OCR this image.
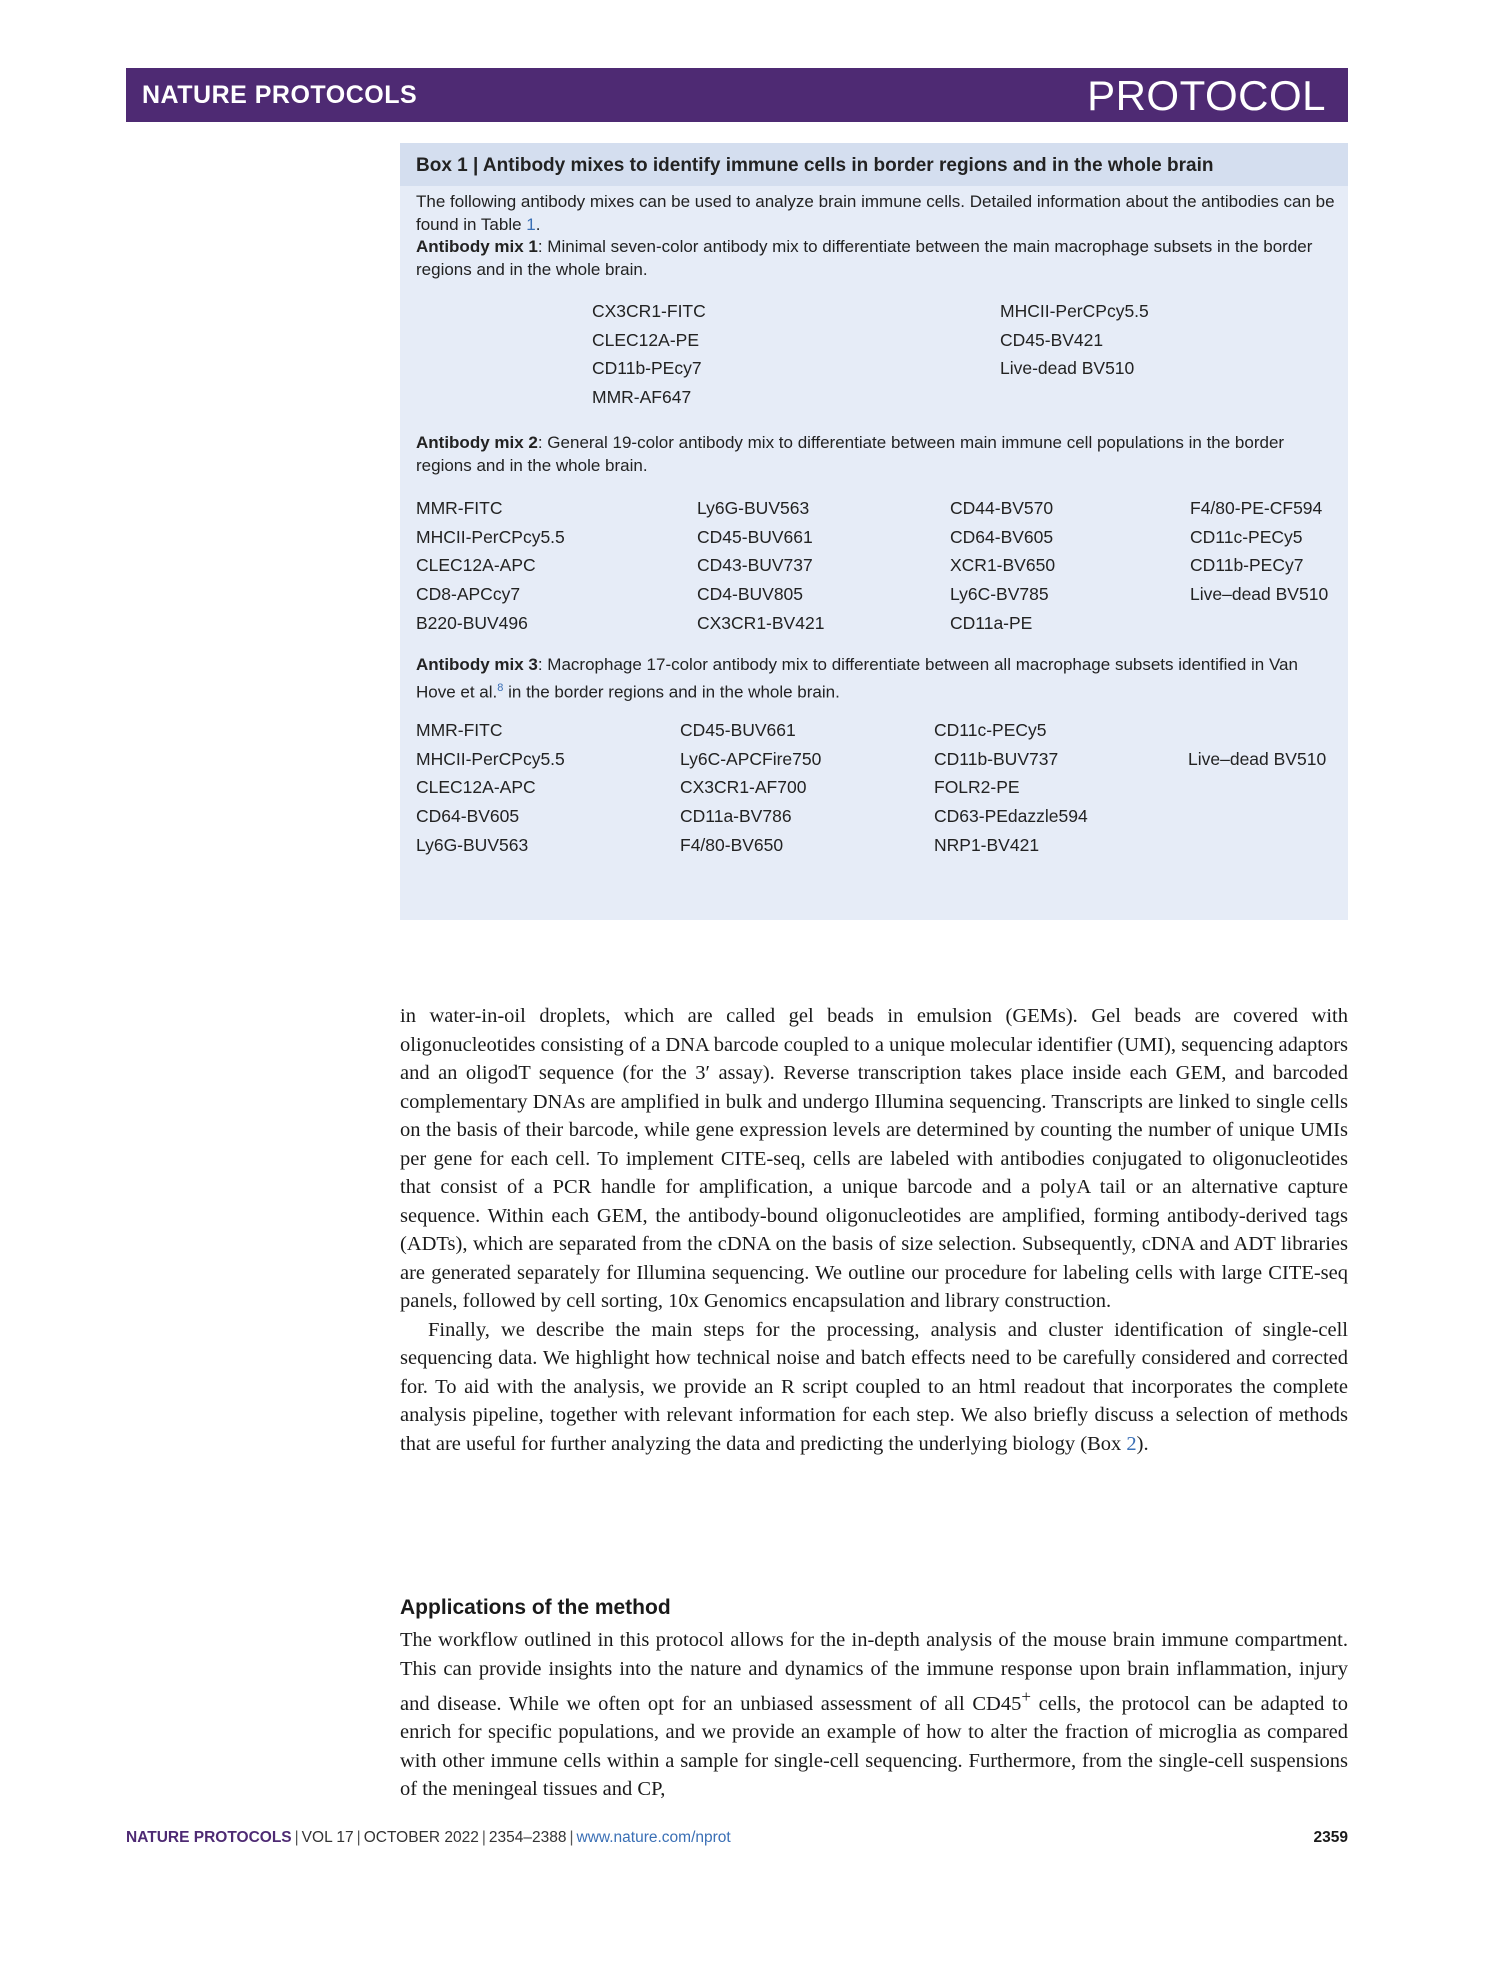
NATURE PROTOCOLS	PROTOCOL
Box 1 | Antibody mixes to identify immune cells in border regions and in the whole brain
The following antibody mixes can be used to analyze brain immune cells. Detailed information about the antibodies can be found in Table 1.
Antibody mix 1: Minimal seven-color antibody mix to differentiate between the main macrophage subsets in the border regions and in the whole brain.
CX3CR1-FITC
CLEC12A-PE
CD11b-PEcy7
MMR-AF647
MHCII-PerCPcy5.5
CD45-BV421
Live-dead BV510
Antibody mix 2: General 19-color antibody mix to differentiate between main immune cell populations in the border regions and in the whole brain.
MMR-FITC
MHCII-PerCPcy5.5
CLEC12A-APC
CD8-APCcy7
B220-BUV496
Ly6G-BUV563
CD45-BUV661
CD43-BUV737
CD4-BUV805
CX3CR1-BV421
CD44-BV570
CD64-BV605
XCR1-BV650
Ly6C-BV785
CD11a-PE
F4/80-PE-CF594
CD11c-PECy5
CD11b-PECy7
Live–dead BV510
Antibody mix 3: Macrophage 17-color antibody mix to differentiate between all macrophage subsets identified in Van Hove et al.$^8$ in the border regions and in the whole brain.
MMR-FITC
MHCII-PerCPcy5.5
CLEC12A-APC
CD64-BV605
Ly6G-BUV563
CD45-BUV661
Ly6C-APCFire750
CX3CR1-AF700
CD11a-BV786
F4/80-BV650
CD11c-PECy5
CD11b-BUV737
FOLR2-PE
CD63-PEdazzle594
NRP1-BV421
Live–dead BV510

in water-in-oil droplets, which are called gel beads in emulsion (GEMs). Gel beads are covered with oligonucleotides consisting of a DNA barcode coupled to a unique molecular identifier (UMI), sequencing adaptors and an oligodT sequence (for the 3′ assay). Reverse transcription takes place inside each GEM, and barcoded complementary DNAs are amplified in bulk and undergo Illumina sequencing. Transcripts are linked to single cells on the basis of their barcode, while gene expression levels are determined by counting the number of unique UMIs per gene for each cell. To implement CITE-seq, cells are labeled with antibodies conjugated to oligonucleotides that consist of a PCR handle for amplification, a unique barcode and a polyA tail or an alternative capture sequence. Within each GEM, the antibody-bound oligonucleotides are amplified, forming antibody-derived tags (ADTs), which are separated from the cDNA on the basis of size selection. Subsequently, cDNA and ADT libraries are generated separately for Illumina sequencing. We outline our procedure for labeling cells with large CITE-seq panels, followed by cell sorting, 10x Genomics encapsulation and library construction.

Finally, we describe the main steps for the processing, analysis and cluster identification of single-cell sequencing data. We highlight how technical noise and batch effects need to be carefully considered and corrected for. To aid with the analysis, we provide an R script coupled to an html readout that incorporates the complete analysis pipeline, together with relevant information for each step. We also briefly discuss a selection of methods that are useful for further analyzing the data and predicting the underlying biology (Box 2).

Applications of the method

The workflow outlined in this protocol allows for the in-depth analysis of the mouse brain immune compartment. This can provide insights into the nature and dynamics of the immune response upon brain inflammation, injury and disease. While we often opt for an unbiased assessment of all CD45+ cells, the protocol can be adapted to enrich for specific populations, and we provide an example of how to alter the fraction of microglia as compared with other immune cells within a sample for single-cell sequencing. Furthermore, from the single-cell suspensions of the meningeal tissues and CP,

NATURE PROTOCOLS | VOL 17 | OCTOBER 2022 | 2354–2388 | www.nature.com/nprot	2359
